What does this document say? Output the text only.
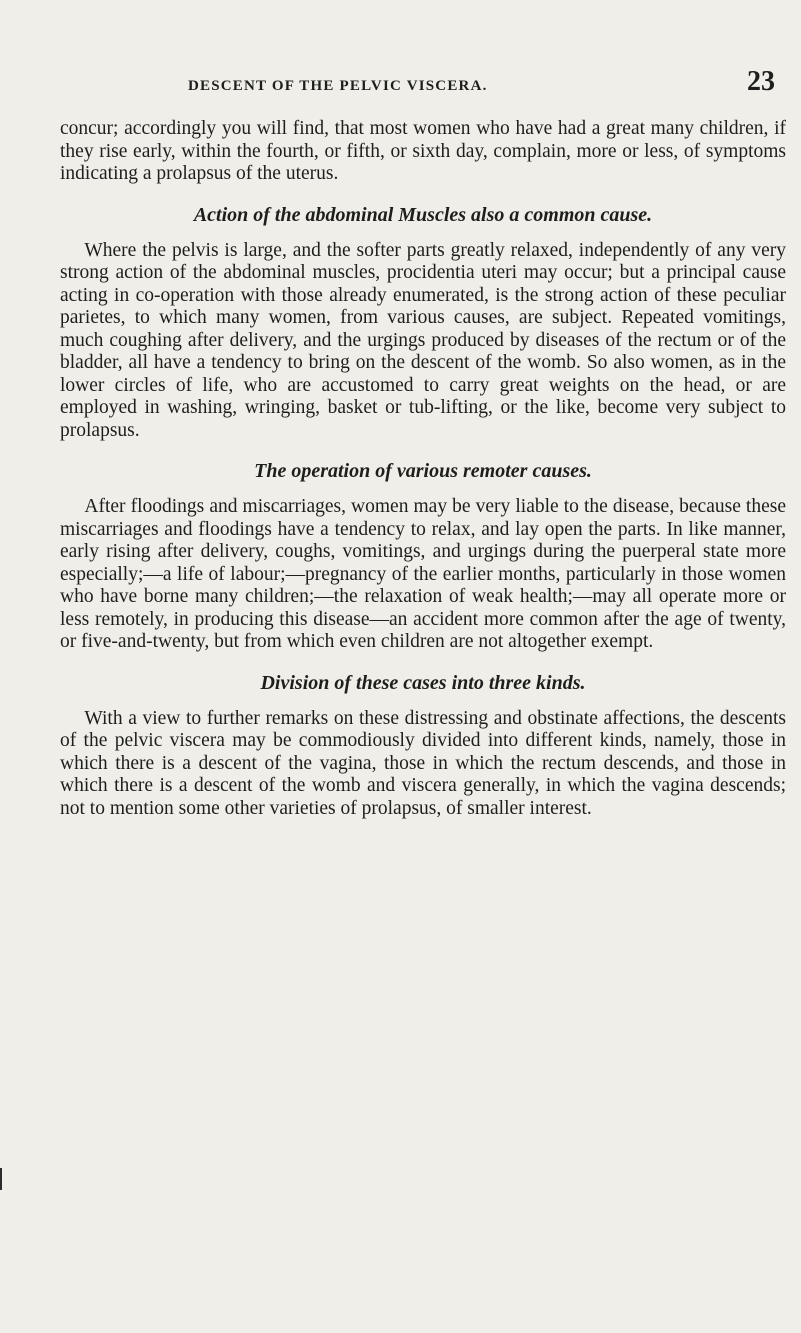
DESCENT OF THE PELVIC VISCERA.	23

concur; accordingly you will find, that most women who have had a great many children, if they rise early, within the fourth, or fifth, or sixth day, complain, more or less, of symptoms indicating a prolapsus of the uterus.

Action of the abdominal Muscles also a common cause.

Where the pelvis is large, and the softer parts greatly relaxed, independently of any very strong action of the abdominal muscles, procidentia uteri may occur; but a principal cause acting in co-operation with those already enumerated, is the strong action of these peculiar parietes, to which many women, from various causes, are subject. Repeated vomitings, much coughing after delivery, and the urgings produced by diseases of the rectum or of the bladder, all have a tendency to bring on the descent of the womb. So also women, as in the lower circles of life, who are accustomed to carry great weights on the head, or are employed in washing, wringing, basket or tub-lifting, or the like, become very subject to prolapsus.

The operation of various remoter causes.

After floodings and miscarriages, women may be very liable to the disease, because these miscarriages and floodings have a tendency to relax, and lay open the parts. In like manner, early rising after delivery, coughs, vomitings, and urgings during the puerperal state more especially;—a life of labour;—pregnancy of the earlier months, particularly in those women who have borne many children;—the relaxation of weak health;—may all operate more or less remotely, in producing this disease—an accident more common after the age of twenty, or five-and-twenty, but from which even children are not altogether exempt.

Division of these cases into three kinds.

With a view to further remarks on these distressing and obstinate affections, the descents of the pelvic viscera may be commodiously divided into different kinds, namely, those in which there is a descent of the vagina, those in which the rectum descends, and those in which there is a descent of the womb and viscera generally, in which the vagina descends; not to mention some other varieties of prolapsus, of smaller interest.
